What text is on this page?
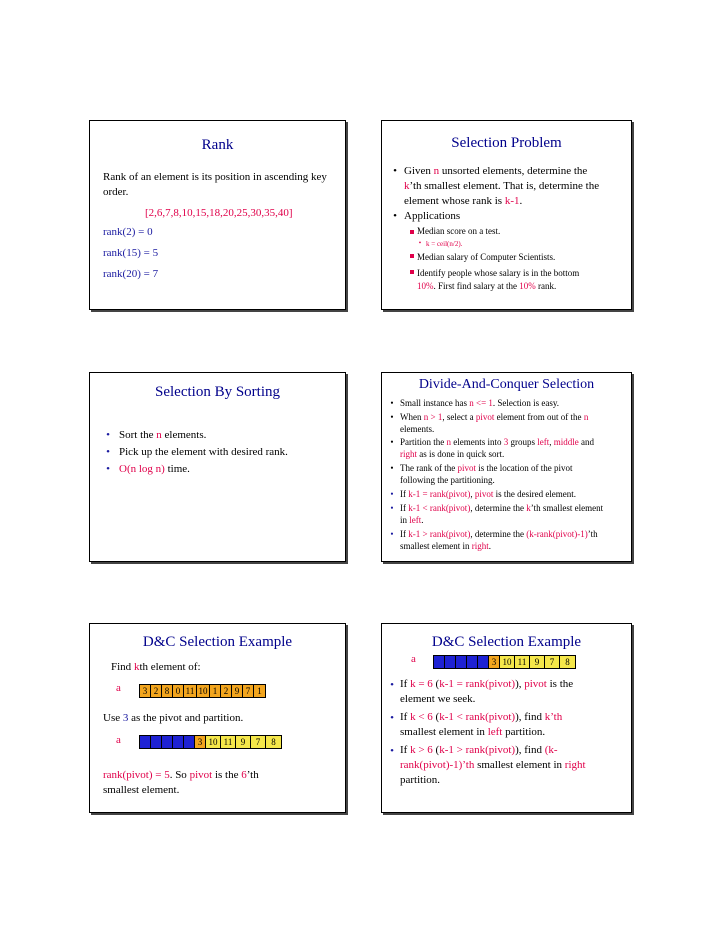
Rank
Rank of an element is its position in ascending key
order.
[2,6,7,8,10,15,18,20,25,30,35,40]
rank(2) = 0
rank(15) = 5
rank(20) = 7
Selection Problem
• Given n unsorted elements, determine the
k’th smallest element. That is, determine the
element whose rank is k-1.
• Applications
Median score on a test.
• k = ceil(n/2).
Median salary of Computer Scientists.
Identify people whose salary is in the bottom
10%. First find salary at the 10% rank.
Selection By Sorting
• Sort the n elements.
• Pick up the element with desired rank.
• O(n log n) time.
Divide-And-Conquer Selection
• Small instance has n <= 1. Selection is easy.
• When n > 1, select a pivot element from out of the n
elements.
• Partition the n elements into 3 groups left, middle and
right as is done in quick sort.
• The rank of the pivot is the location of the pivot
following the partitioning.
• If k-1 = rank(pivot), pivot is the desired element.
• If k-1 < rank(pivot), determine the k’th smallest element
in left.
• If k-1 > rank(pivot), determine the (k-rank(pivot)-1)’th
smallest element in right.
D&C Selection Example
Find kth element of:
a	3 2 8 0 11 10 1 2 9 7 1
Use 3 as the pivot and partition.
a	3 10 11 9	7	8
rank(pivot) = 5. So pivot is the 6’th
smallest element.
D&C Selection Example
a	3 10 11 9	7	8
• If k = 6 (k-1 = rank(pivot)), pivot is the
element we seek.
• If k < 6 (k-1 < rank(pivot)), find k’th
smallest element in left partition.
• If k > 6 (k-1 > rank(pivot)), find (k-
rank(pivot)-1)’th smallest element in right
partition.
